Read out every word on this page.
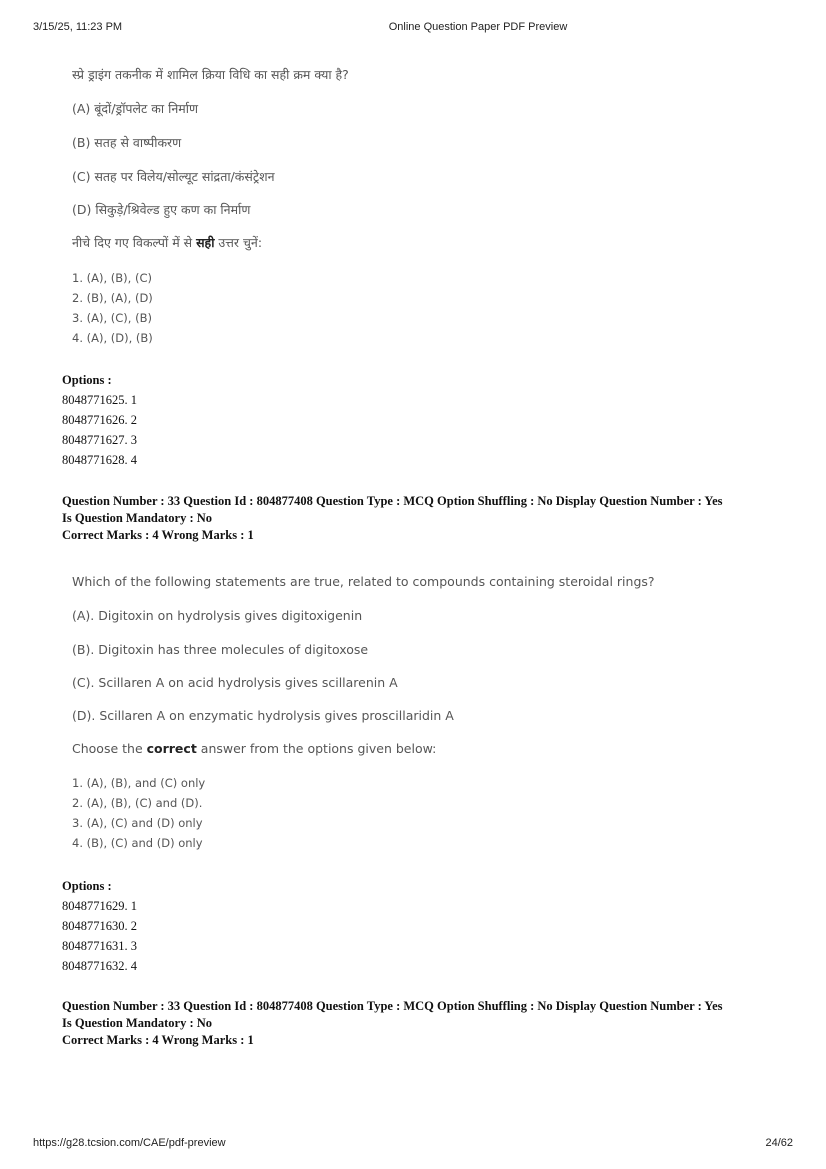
3/15/25, 11:23 PM	Online Question Paper PDF Preview
स्प्रे ड्राइंग तकनीक में शामिल क्रिया विधि का सही क्रम क्या है?
(A) बूंदों/ड्रॉपलेट का निर्माण
(B) सतह से वाष्पीकरण
(C) सतह पर विलेय/सोल्यूट सांद्रता/कंसंट्रेशन
(D) सिकुड़े/श्रिवेल्ड हुए कण का निर्माण
नीचे दिए गए विकल्पों में से सही उत्तर चुनें:
1. (A), (B), (C)
2. (B), (A), (D)
3. (A), (C), (B)
4. (A), (D), (B)
Options :
8048771625. 1
8048771626. 2
8048771627. 3
8048771628. 4
Question Number : 33 Question Id : 804877408 Question Type : MCQ Option Shuffling : No Display Question Number : Yes
Is Question Mandatory : No
Correct Marks : 4 Wrong Marks : 1
Which of the following statements are true, related to compounds containing steroidal rings?
(A). Digitoxin on hydrolysis gives digitoxigenin
(B). Digitoxin has three molecules of digitoxose
(C). Scillaren A on acid hydrolysis gives scillarenin A
(D). Scillaren A on enzymatic hydrolysis gives proscillaridin A
Choose the correct answer from the options given below:
1. (A), (B), and (C) only
2. (A), (B), (C) and (D).
3. (A), (C) and (D) only
4. (B), (C) and (D) only
Options :
8048771629. 1
8048771630. 2
8048771631. 3
8048771632. 4
Question Number : 33 Question Id : 804877408 Question Type : MCQ Option Shuffling : No Display Question Number : Yes
Is Question Mandatory : No
Correct Marks : 4 Wrong Marks : 1
https://g28.tcsion.com/CAE/pdf-preview	24/62
